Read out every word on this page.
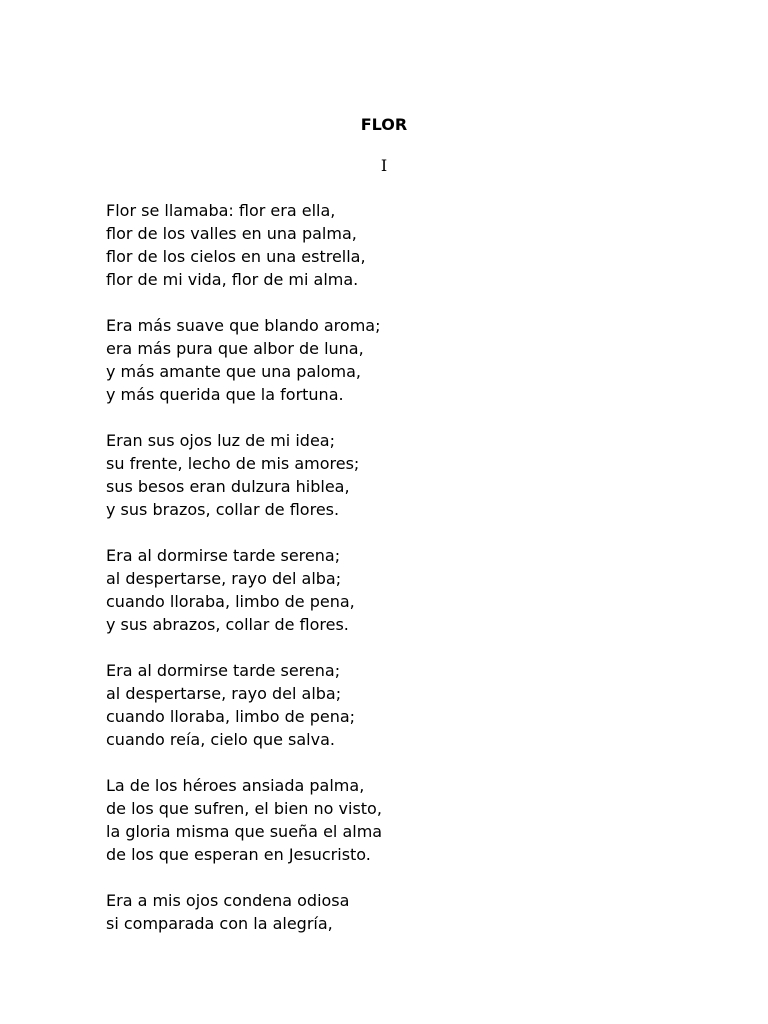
FLOR
I
Flor se llamaba: flor era ella,
flor de los valles en una palma,
flor de los cielos en una estrella,
flor de mi vida, flor de mi alma.
Era más suave que blando aroma;
era más pura que albor de luna,
y más amante que una paloma,
y más querida que la fortuna.
Eran sus ojos luz de mi idea;
su frente, lecho de mis amores;
sus besos eran dulzura hiblea,
y sus brazos, collar de flores.
Era al dormirse tarde serena;
al despertarse, rayo del alba;
cuando lloraba, limbo de pena,
y sus abrazos, collar de flores.
Era al dormirse tarde serena;
al despertarse, rayo del alba;
cuando lloraba, limbo de pena;
cuando reía, cielo que salva.
La de los héroes ansiada palma,
de los que sufren, el bien no visto,
la gloria misma que sueña el alma
de los que esperan en Jesucristo.
Era a mis ojos condena odiosa
si comparada con la alegría,
